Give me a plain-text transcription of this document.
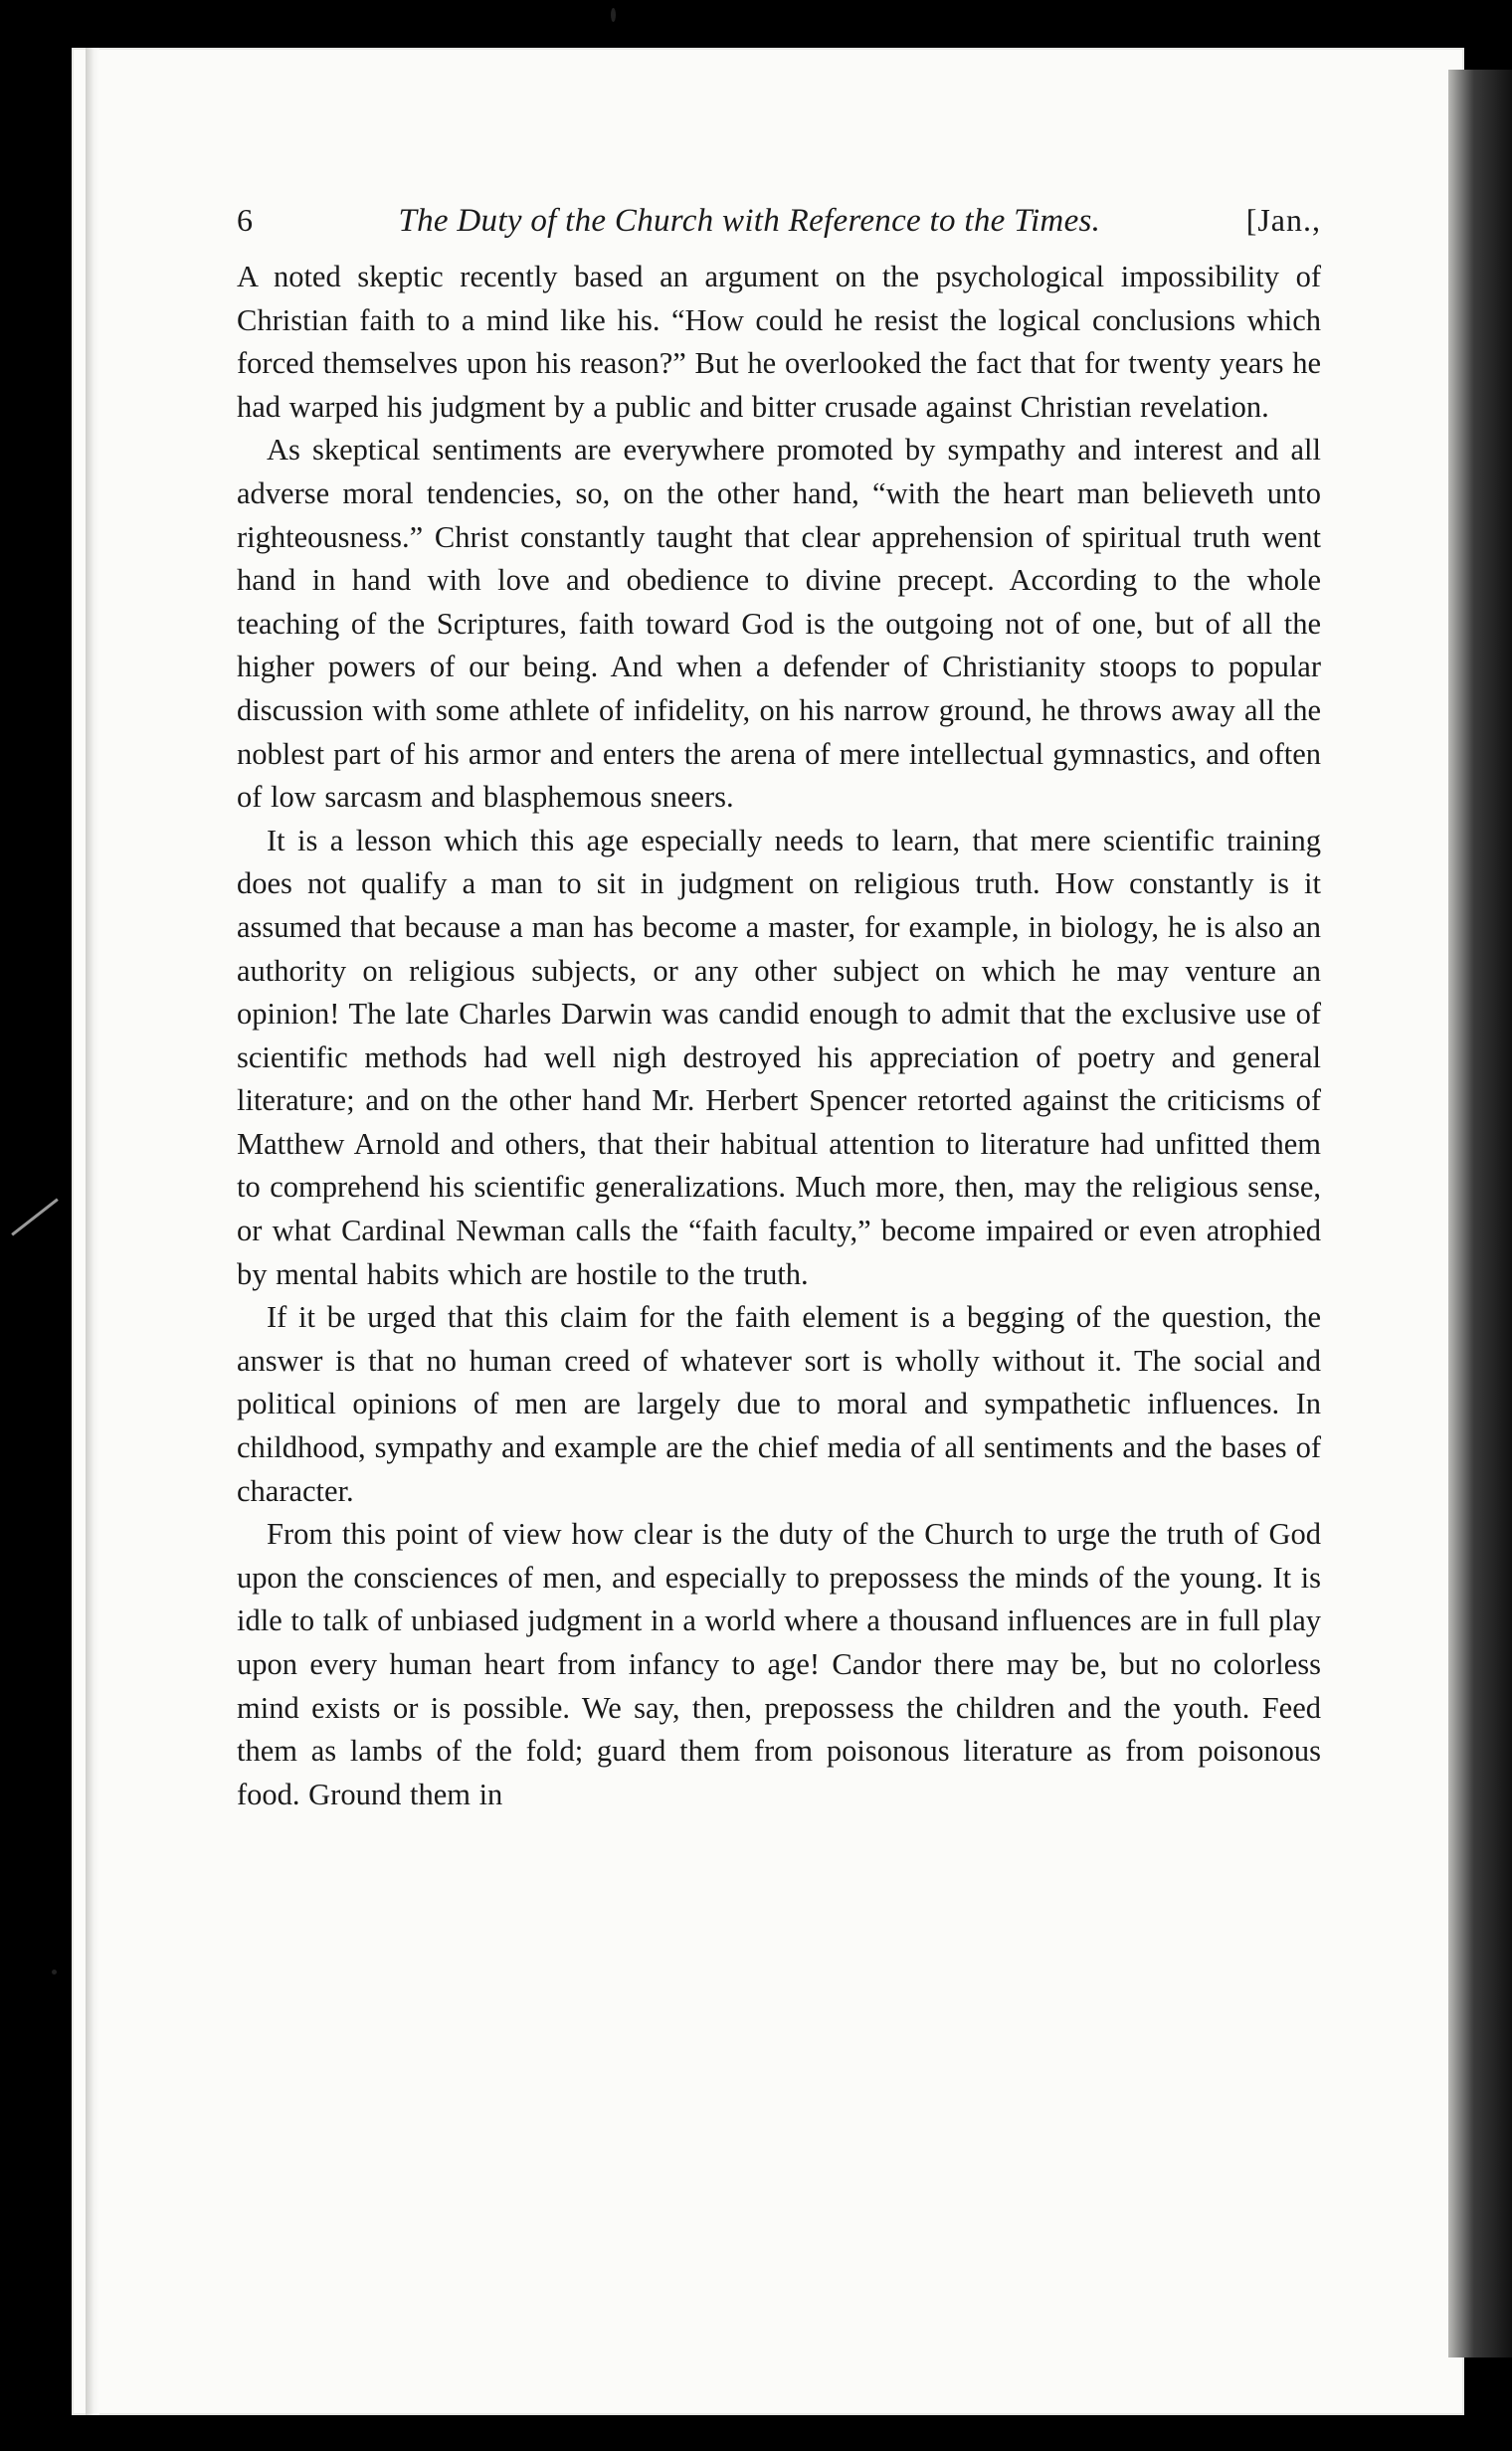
6	The Duty of the Church with Reference to the Times.	[Jan.,

A noted skeptic recently based an argument on the psychological impossibility of Christian faith to a mind like his. “How could he resist the logical conclusions which forced themselves upon his reason?” But he overlooked the fact that for twenty years he had warped his judgment by a public and bitter crusade against Christian revelation.

As skeptical sentiments are everywhere promoted by sympathy and interest and all adverse moral tendencies, so, on the other hand, “with the heart man believeth unto righteousness.” Christ constantly taught that clear apprehension of spiritual truth went hand in hand with love and obedience to divine precept. According to the whole teaching of the Scriptures, faith toward God is the outgoing not of one, but of all the higher powers of our being. And when a defender of Christianity stoops to popular discussion with some athlete of infidelity, on his narrow ground, he throws away all the noblest part of his armor and enters the arena of mere intellectual gymnastics, and often of low sarcasm and blasphemous sneers.

It is a lesson which this age especially needs to learn, that mere scientific training does not qualify a man to sit in judgment on religious truth. How constantly is it assumed that because a man has become a master, for example, in biology, he is also an authority on religious subjects, or any other subject on which he may venture an opinion! The late Charles Darwin was candid enough to admit that the exclusive use of scientific methods had well nigh destroyed his appreciation of poetry and general literature; and on the other hand Mr. Herbert Spencer retorted against the criticisms of Matthew Arnold and others, that their habitual attention to literature had unfitted them to comprehend his scientific generalizations. Much more, then, may the religious sense, or what Cardinal Newman calls the “faith faculty,” become impaired or even atrophied by mental habits which are hostile to the truth.

If it be urged that this claim for the faith element is a begging of the question, the answer is that no human creed of whatever sort is wholly without it. The social and political opinions of men are largely due to moral and sympathetic influences. In childhood, sympathy and example are the chief media of all sentiments and the bases of character.

From this point of view how clear is the duty of the Church to urge the truth of God upon the consciences of men, and especially to prepossess the minds of the young. It is idle to talk of unbiased judgment in a world where a thousand influences are in full play upon every human heart from infancy to age! Candor there may be, but no colorless mind exists or is possible. We say, then, prepossess the children and the youth. Feed them as lambs of the fold; guard them from poisonous literature as from poisonous food. Ground them in
